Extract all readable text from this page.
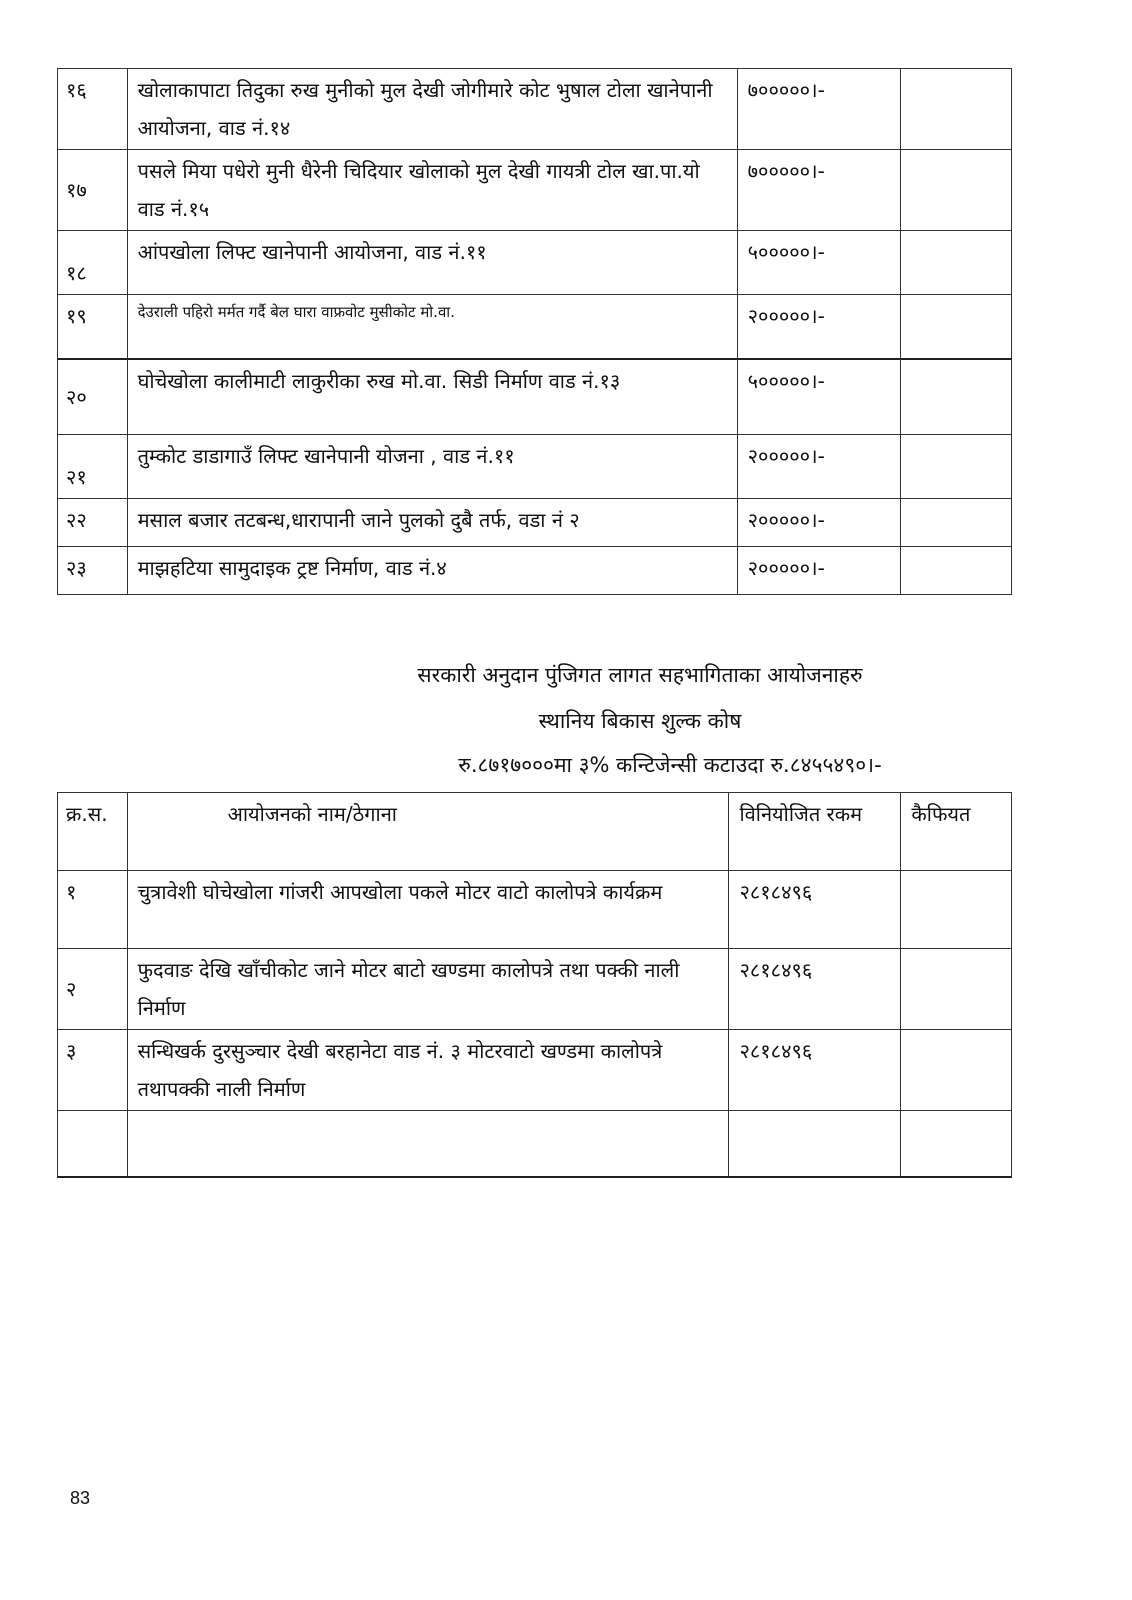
१६	खोलाकापाटा तिदुका रुख मुनीको मुल देखी जोगीमारे कोट भुषाल टोला खानेपानी आयोजना, वाड नं.१४	७०००००।-	
१७	पसले मिया पधेरो मुनी धैरेनी चिदियार खोलाको मुल देखी गायत्री टोल खा.पा.यो वाड नं.१५	७०००००।-	
१८	आंपखोला लिफ्ट खानेपानी आयोजना, वाड नं.११	५०००००।-	
१९	देउराली पहिरो मर्मत गर्दै बेल घारा वाफ्रवोट मुसीकोट मो.वा.	२०००००।-	
२०	घोचेखोला कालीमाटी लाकुरीका रुख मो.वा. सिडी निर्माण वाड नं.१३	५०००००।-	
२१	तुम्कोट डाडागाउँ लिफ्ट खानेपानी योजना , वाड नं.११	२०००००।-	
२२	मसाल बजार तटबन्ध,धारापानी जाने पुलको दुबै तर्फ, वडा नं २	२०००००।-	
२३	माझहटिया सामुदाइक ट्रष्ट निर्माण, वाड नं.४	२०००००।-	
सरकारी अनुदान पुंजिगत लागत सहभागिताका आयोजनाहरु
स्थानिय बिकास शुल्क कोष
रु.८७१७०००मा ३% कन्टिजेन्सी कटाउदा रु.८४५५४९०।-
क्र.स.	आयोजनको नाम/ठेगाना	विनियोजित रकम	कैफियत
१	चुत्रावेशी घोचेखोला गांजरी आपखोला पकले मोटर वाटो कालोपत्रे कार्यक्रम	२८१८४९६	
२	फुदवाङ देखि खाँचीकोट जाने मोटर बाटो खण्डमा कालोपत्रे तथा पक्की नाली निर्माण	२८१८४९६	
३	सन्धिखर्क दुरसुञ्चार देखी बरहानेटा वाड नं. ३ मोटरवाटो खण्डमा कालोपत्रे तथापक्की नाली निर्माण	२८१८४९६	

83
